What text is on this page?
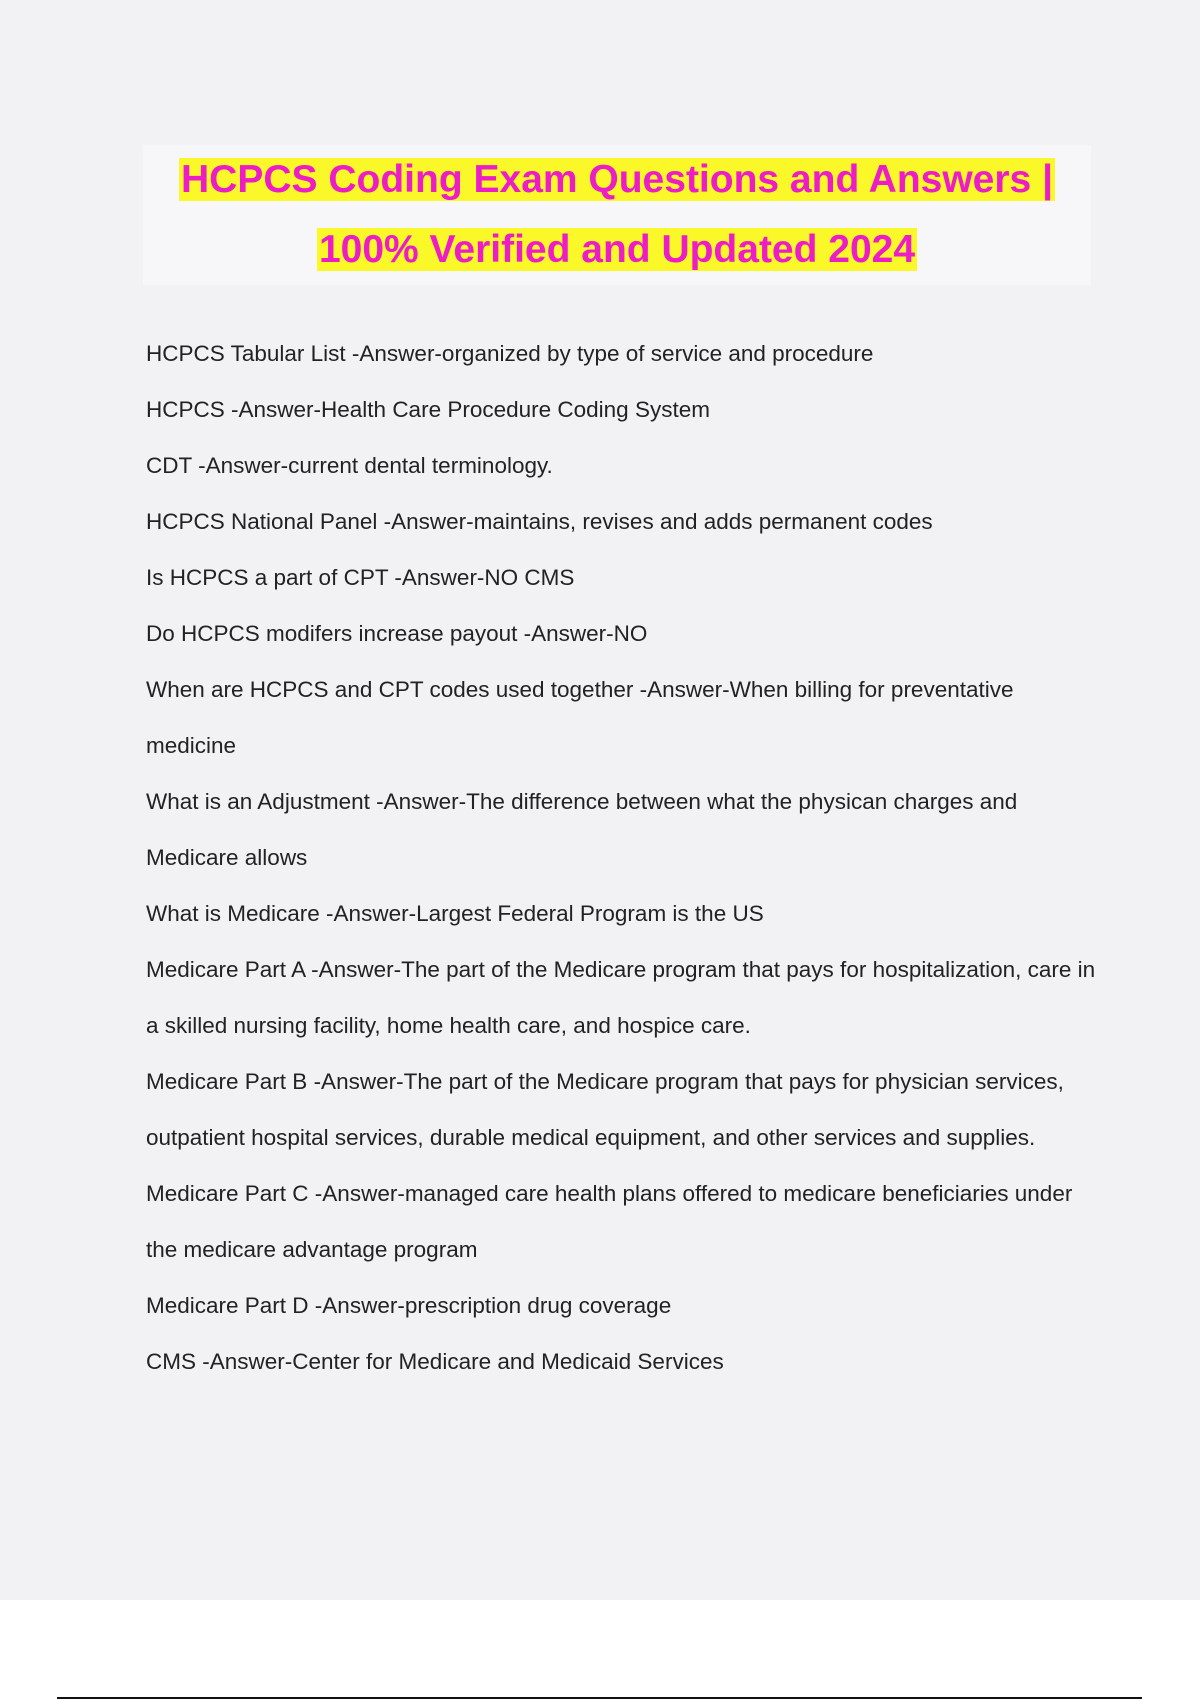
HCPCS Coding Exam Questions and Answers |
100% Verified and Updated 2024

HCPCS Tabular List -Answer-organized by type of service and procedure

HCPCS -Answer-Health Care Procedure Coding System

CDT -Answer-current dental terminology.

HCPCS National Panel -Answer-maintains, revises and adds permanent codes

Is HCPCS a part of CPT -Answer-NO CMS

Do HCPCS modifers increase payout -Answer-NO

When are HCPCS and CPT codes used together -Answer-When billing for preventative medicine

What is an Adjustment -Answer-The difference between what the physican charges and Medicare allows

What is Medicare -Answer-Largest Federal Program is the US

Medicare Part A -Answer-The part of the Medicare program that pays for hospitalization, care in a skilled nursing facility, home health care, and hospice care.

Medicare Part B -Answer-The part of the Medicare program that pays for physician services, outpatient hospital services, durable medical equipment, and other services and supplies.

Medicare Part C -Answer-managed care health plans offered to medicare beneficiaries under the medicare advantage program

Medicare Part D -Answer-prescription drug coverage

CMS -Answer-Center for Medicare and Medicaid Services
